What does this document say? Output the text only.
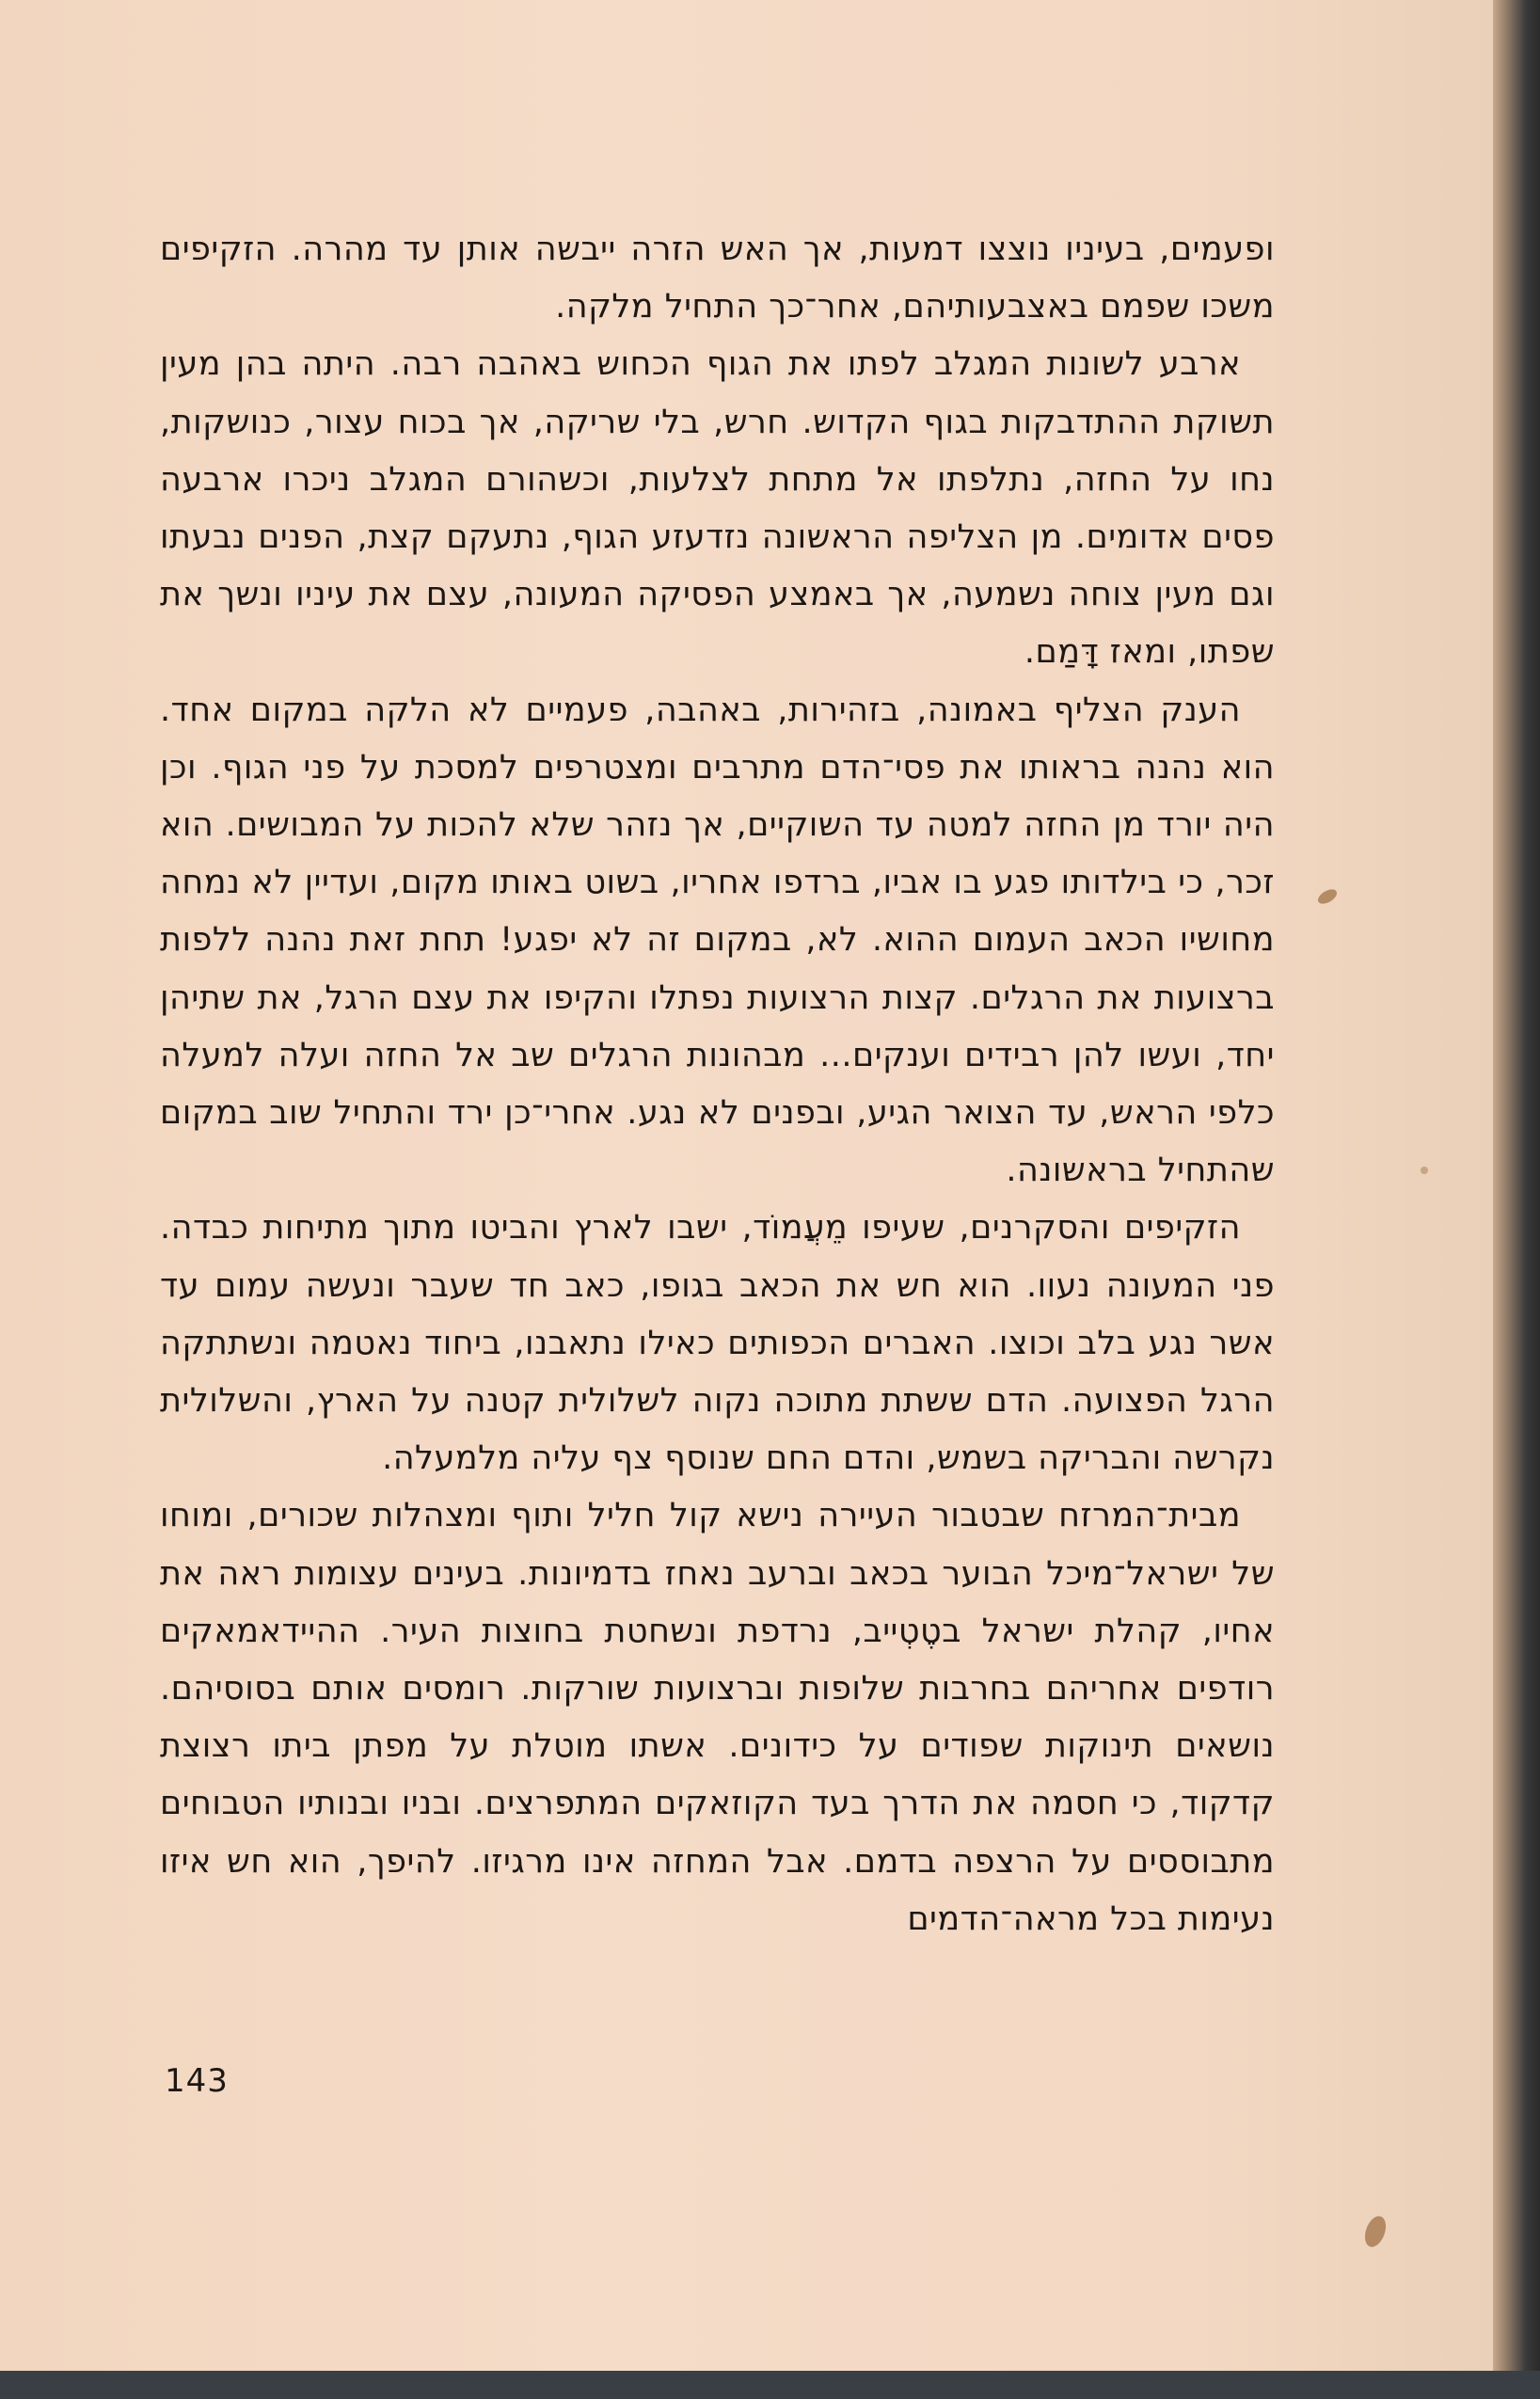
ופעמים, בעיניו נוצצו דמעות, אך האש הזרה ייבשה אותן עד מהרה. הזקיפים משכו שפמם באצבעותיהם, אחר־כך התחיל מלקה.

ארבע לשונות המגלב לפתו את הגוף הכחוש באהבה רבה. היתה בהן מעין תשוקת ההתדבקות בגוף הקדוש. חרש, בלי שריקה, אך בכוח עצור, כנושקות, נחו על החזה, נתלפתו אל מתחת לצלעות, וכשהורם המגלב ניכרו ארבעה פסים אדומים. מן הצליפה הראשונה נזדעזע הגוף, נתעקם קצת, הפנים נבעתו וגם מעין צוחה נשמעה, אך באמצע הפסיקה המעונה, עצם את עיניו ונשך את שפתו, ומאז דָּמַם.

הענק הצליף באמונה, בזהירות, באהבה, פעמיים לא הלקה במקום אחד. הוא נהנה בראותו את פסי־הדם מתרבים ומצטרפים למסכת על פני הגוף. וכן היה יורד מן החזה למטה עד השוקיים, אך נזהר שלא להכות על המבושים. הוא זכר, כי בילדותו פגע בו אביו, ברדפו אחריו, בשוט באותו מקום, ועדיין לא נמחה מחושיו הכאב העמום ההוא. לא, במקום זה לא יפגע! תחת זאת נהנה ללפות ברצועות את הרגלים. קצות הרצועות נפתלו והקיפו את עצם הרגל, את שתיהן יחד, ועשו להן רבידים וענקים... מבהונות הרגלים שב אל החזה ועלה למעלה כלפי הראש, עד הצואר הגיע, ובפנים לא נגע. אחרי־כן ירד והתחיל שוב במקום שהתחיל בראשונה.

הזקיפים והסקרנים, שעיפו מֵעֲמוֹד, ישבו לארץ והביטו מתוך מתיחות כבדה. פני המעונה נעוו. הוא חש את הכאב בגופו, כאב חד שעבר ונעשה עמום עד אשר נגע בלב וכוצו. האברים הכפותים כאילו נתאבנו, ביחוד נאטמה ונשתתקה הרגל הפצועה. הדם ששתת מתוכה נקוה לשלולית קטנה על הארץ, והשלולית נקרשה והבריקה בשמש, והדם החם שנוסף צף עליה מלמעלה.

מבית־המרזח שבטבור העיירה נישא קול חליל ותוף ומצהלות שכורים, ומוחו של ישראל־מיכל הבוער בכאב וברעב נאחז בדמיונות. בעינים עצומות ראה את אחיו, קהלת ישראל בטֶטְייב, נרדפת ונשחטת בחוצות העיר. ההיידאמאקים רודפים אחריהם בחרבות שלופות וברצועות שורקות. רומסים אותם בסוסיהם. נושאים תינוקות שפודים על כידונים. אשתו מוטלת על מפתן ביתו רצוצת קדקוד, כי חסמה את הדרך בעד הקוזאקים המתפרצים. ובניו ובנותיו הטבוחים מתבוססים על הרצפה בדמם. אבל המחזה אינו מרגיזו. להיפך, הוא חש איזו נעימות בכל מראה־הדמים

143
